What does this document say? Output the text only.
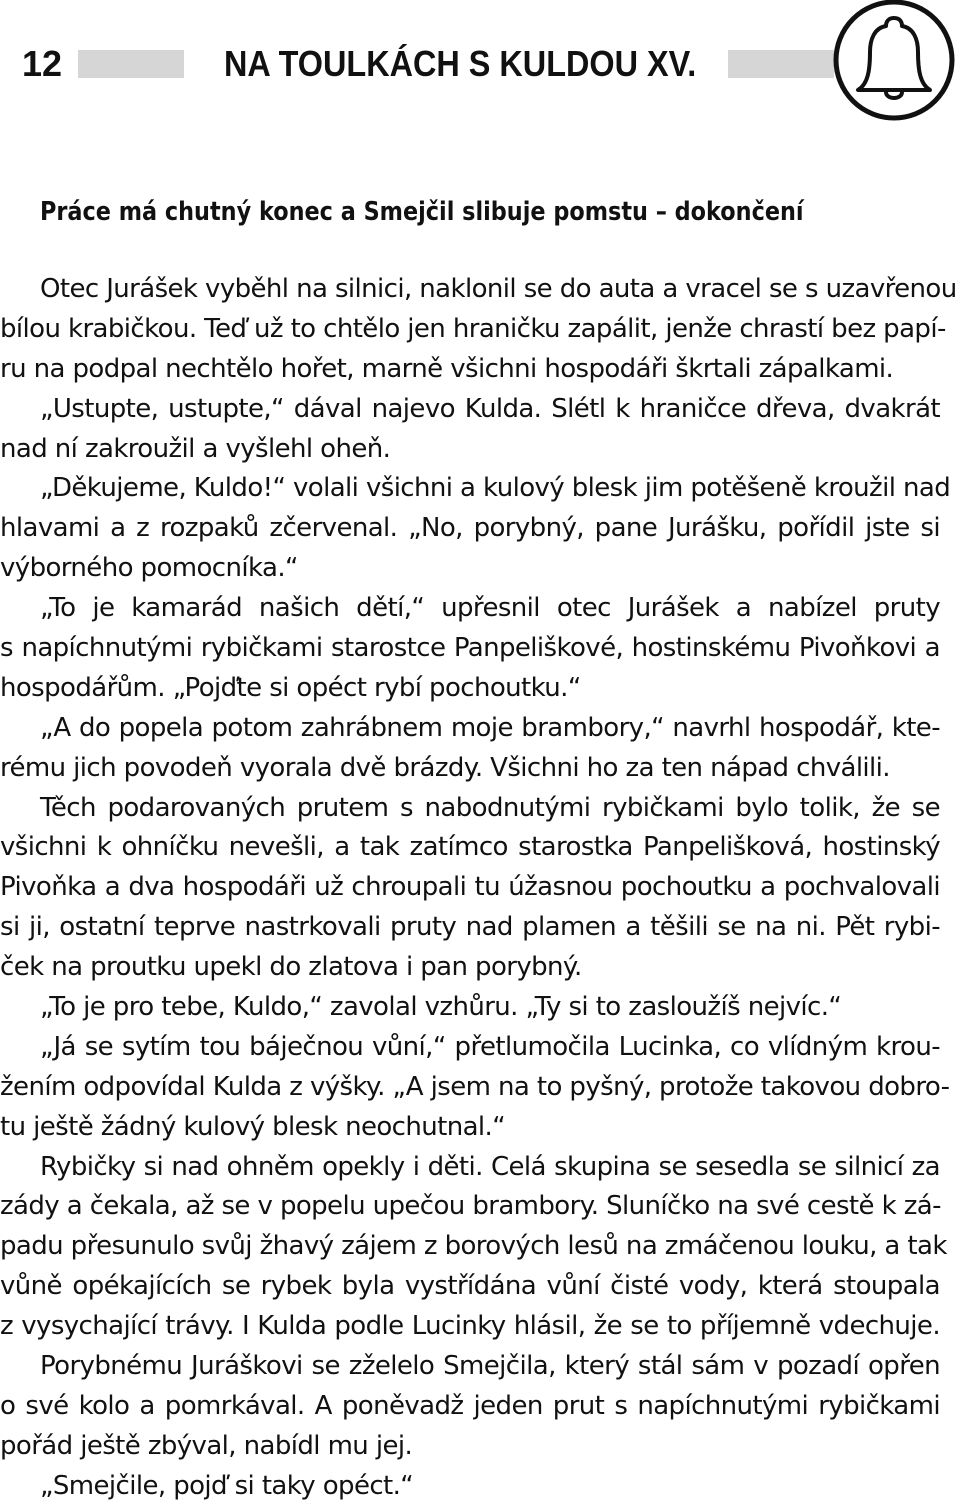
12	NA TOULKÁCH S KULDOU XV.
Práce má chutný konec a Smejčil slibuje pomstu – dokončení
Otec Jurášek vyběhl na silnici, naklonil se do auta a vracel se s uzavřenou
bílou krabičkou. Teď už to chtělo jen hraničku zapálit, jenže chrastí bez papí-
ru na podpal nechtělo hořet, marně všichni hospodáři škrtali zápalkami.
„Ustupte, ustupte,“ dával najevo Kulda. Slétl k hraničce dřeva, dvakrát
nad ní zakroužil a vyšlehl oheň.
„Děkujeme, Kuldo!“ volali všichni a kulový blesk jim potěšeně kroužil nad
hlavami a z rozpaků zčervenal. „No, porybný, pane Jurášku, pořídil jste si
výborného pomocníka.“
„To je kamarád našich dětí,“ upřesnil otec Jurášek a nabízel pruty
s napíchnutými rybičkami starostce Panpeliškové, hostinskému Pivoňkovi a
hospodářům. „Pojďte si opéct rybí pochoutku.“
„A do popela potom zahrábnem moje brambory,“ navrhl hospodář, kte-
rému jich povodeň vyorala dvě brázdy. Všichni ho za ten nápad chválili.
Těch podarovaných prutem s nabodnutými rybičkami bylo tolik, že se
všichni k ohníčku nevešli, a tak zatímco starostka Panpelišková, hostinský
Pivoňka a dva hospodáři už chroupali tu úžasnou pochoutku a pochvalovali
si ji, ostatní teprve nastrkovali pruty nad plamen a těšili se na ni. Pět rybi-
ček na proutku upekl do zlatova i pan porybný.
„To je pro tebe, Kuldo,“ zavolal vzhůru. „Ty si to zasloužíš nejvíc.“
„Já se sytím tou báječnou vůní,“ přetlumočila Lucinka, co vlídným krou-
žením odpovídal Kulda z výšky. „A jsem na to pyšný, protože takovou dobro-
tu ještě žádný kulový blesk neochutnal.“
Rybičky si nad ohněm opekly i děti. Celá skupina se sesedla se silnicí za
zády a čekala, až se v popelu upečou brambory. Sluníčko na své cestě k zá-
padu přesunulo svůj žhavý zájem z borových lesů na zmáčenou louku, a tak
vůně opékajících se rybek byla vystřídána vůní čisté vody, která stoupala
z vysychající trávy. I Kulda podle Lucinky hlásil, že se to příjemně vdechuje.
Porybnému Juráškovi se zželelo Smejčila, který stál sám v pozadí opřen
o své kolo a pomrkával. A poněvadž jeden prut s napíchnutými rybičkami
pořád ještě zbýval, nabídl mu jej.
„Smejčile, pojď si taky opéct.“
